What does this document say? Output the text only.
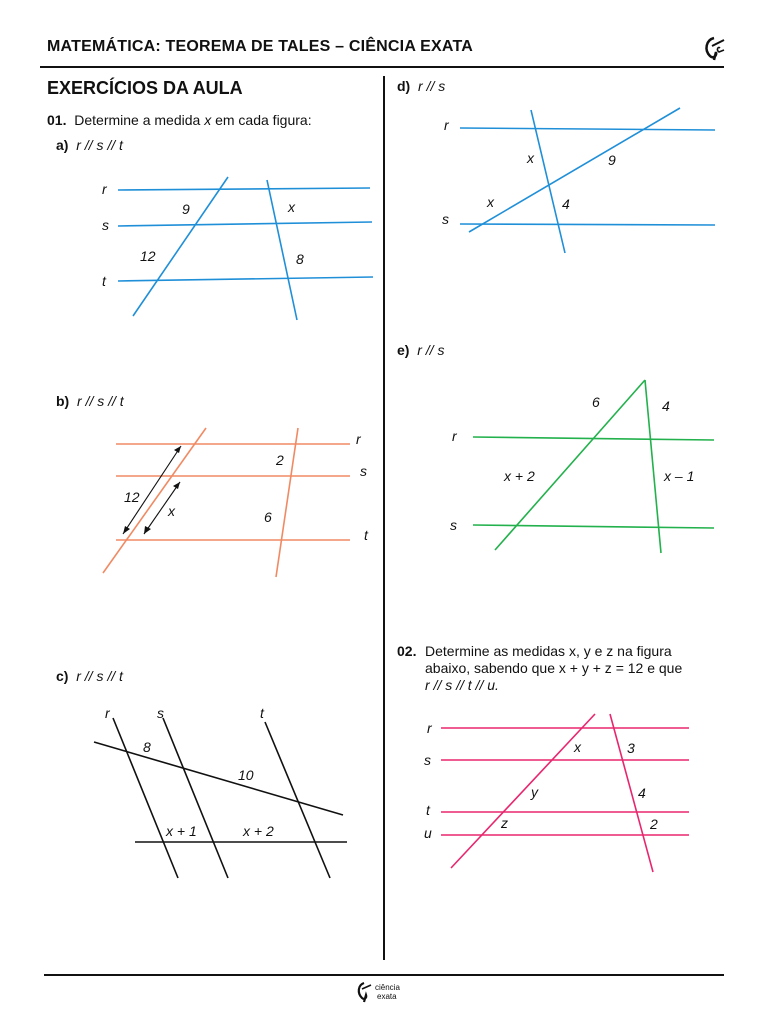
MATEMÁTICA: TEOREMA DE TALES – CIÊNCIA EXATA
EXERCÍCIOS DA AULA
01. Determine a medida x em cada figura:
a) r // s // t
r
s
t
9	x
12	8
b) r // s // t
r
s
t
2
12
x	6
c) r // s // t
r	s	t
8
10
x + 1	x + 2
d) r // s
r
s
x	9
x	4
e) r // s
r
s
6	4
x + 2	x – 1
02. Determine as medidas x, y e z na figura
abaixo, sabendo que x + y + z = 12 e que
r // s // t // u.
r
s
t
u
x	3
y	4
z	2
ciência
exata
